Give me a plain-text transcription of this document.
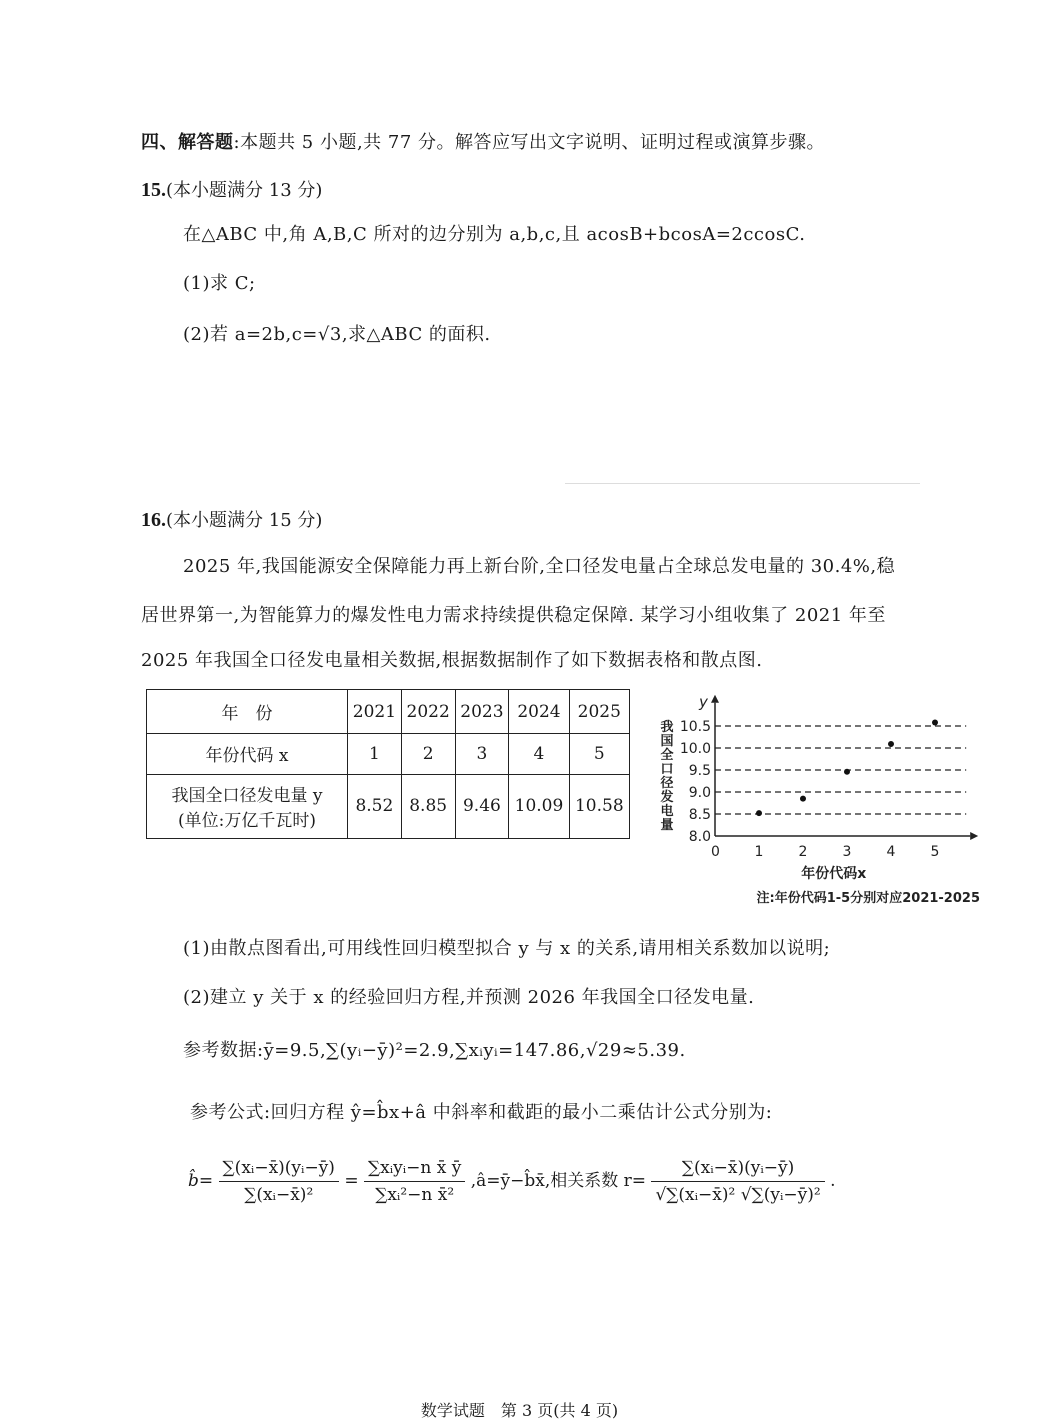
四、解答题:本题共 5 小题,共 77 分。解答应写出文字说明、证明过程或演算步骤。
15.(本小题满分 13 分)
在△ABC 中,角 A,B,C 所对的边分别为 a,b,c,且 acosB+bcosA=2ccosC.
(1)求 C;
(2)若 a=2b,c=√3,求△ABC 的面积.
16.(本小题满分 15 分)
2025 年,我国能源安全保障能力再上新台阶,全口径发电量占全球总发电量的 30.4%,稳
居世界第一,为智能算力的爆发性电力需求持续提供稳定保障. 某学习小组收集了 2021 年至
2025 年我国全口径发电量相关数据,根据数据制作了如下数据表格和散点图.
年　份	2021	2022	2023	2024	2025
年份代码 x	1	2	3	4	5

我国全口径发电量 y
(单位:万亿千瓦时)	8.52	8.85	9.46	10.09	10.58	我国全口径发电量
y
0
8.0
8.5
9.0
9.5
10.0
10.5
1	2	3	4	5
年份代码x
注:年份代码1-5分别对应2021-2025
(1)由散点图看出,可用线性回归模型拟合 y 与 x 的关系,请用相关系数加以说明;
(2)建立 y 关于 x 的经验回归方程,并预测 2026 年我国全口径发电量.
参考数据:ȳ=9.5,∑(yᵢ−ȳ)²=2.9,∑xᵢyᵢ=147.86,√29≈5.39.
参考公式:回归方程 ŷ=b̂x+â 中斜率和截距的最小二乘估计公式分别为:
b̂= $\frac{\text{∑(xᵢ−x̄)(yᵢ−ȳ)}}{\text{∑(xᵢ−x̄)²}} = \frac{\text{∑xᵢyᵢ−n x̄ ȳ}}{\text{∑xᵢ²−n x̄²}}$ ,â=ȳ−b̂x̄,相关系数 $r= \frac{\text{∑(xᵢ−x̄)(yᵢ−ȳ)}}{\text{√∑(xᵢ−x̄)² √∑(yᵢ−ȳ)²}}$ .
数学试题　第 3 页(共 4 页)
